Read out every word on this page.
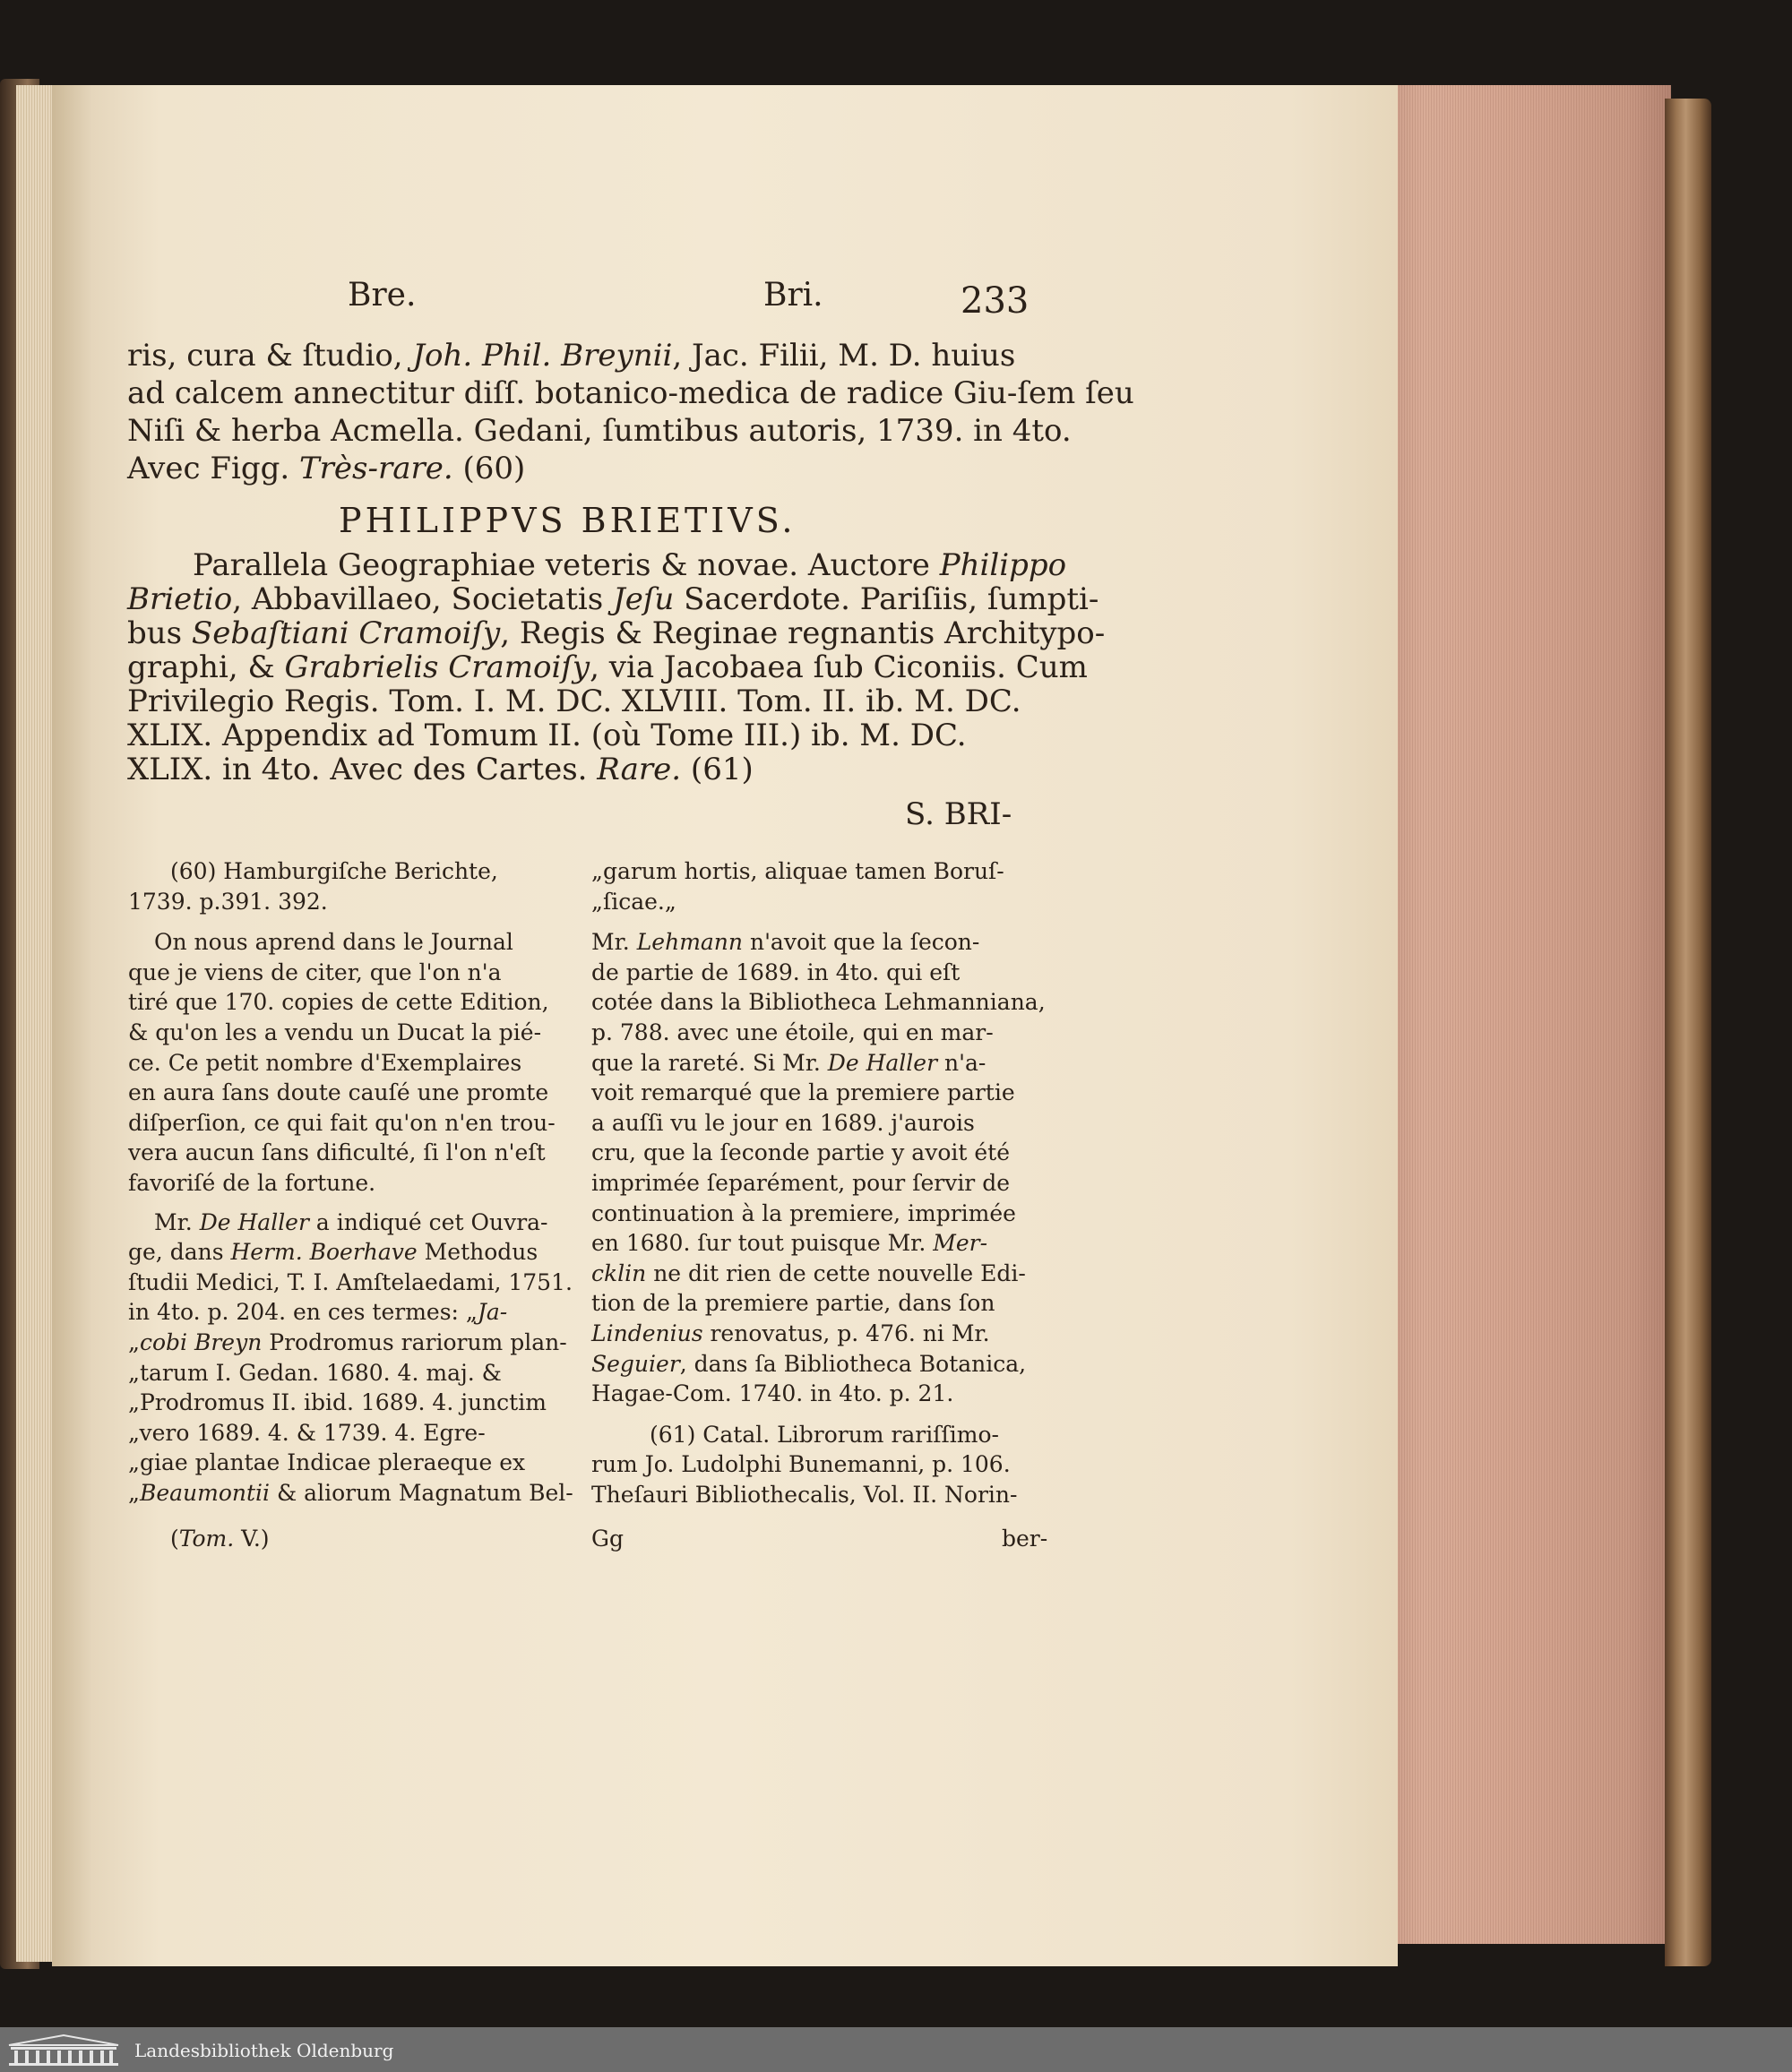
Bre.	Bri.	233
ris, cura & ſtudio, Joh. Phil. Breynii, Jac. Filii, M. D. huius
ad calcem annectitur diſſ. botanico-medica de radice Giu-ſem ſeu
Niſi & herba Acmella. Gedani, ſumtibus autoris, 1739. in 4to.
Avec Figg. Très-rare. (60)
PHILIPPVS BRIETIVS.
Parallela Geographiae veteris & novae. Auctore Philippo
Brietio, Abbavillaeo, Societatis Jeſu Sacerdote. Pariſiis, ſumpti-
bus Sebaſtiani Cramoiſy, Regis & Reginae regnantis Architypo-
graphi, & Grabrielis Cramoiſy, via Jacobaea ſub Ciconiis. Cum
Privilegio Regis. Tom. I. M. DC. XLVIII. Tom. II. ib. M. DC.
XLIX. Appendix ad Tomum II. (où Tome III.) ib. M. DC.
XLIX. in 4to. Avec des Cartes. Rare. (61)
S. BRI-
(60) Hamburgiſche Berichte,
1739. p.391. 392.
On nous aprend dans le Journal
que je viens de citer, que l'on n'a
tiré que 170. copies de cette Edition,
& qu'on les a vendu un Ducat la pié-
ce. Ce petit nombre d'Exemplaires
en aura ſans doute cauſé une promte
diſperſion, ce qui fait qu'on n'en trou-
vera aucun ſans dificulté, ſi l'on n'eſt
favoriſé de la fortune.
Mr. De Haller a indiqué cet Ouvra-
ge, dans Herm. Boerhave Methodus
ſtudii Medici, T. I. Amſtelaedami, 1751.
in 4to. p. 204. en ces termes: „Ja-
„cobi Breyn Prodromus rariorum plan-
„tarum I. Gedan. 1680. 4. maj. &
„Prodromus II. ibid. 1689. 4. junctim
„vero 1689. 4. & 1739. 4. Egre-
„giae plantae Indicae pleraeque ex
„Beaumontii & aliorum Magnatum Bel-
(Tom. V.)
„garum hortis, aliquae tamen Boruſ-
„ſicae.„
Mr. Lehmann n'avoit que la ſecon-
de partie de 1689. in 4to. qui eſt
cotée dans la Bibliotheca Lehmanniana,
p. 788. avec une étoile, qui en mar-
que la rareté. Si Mr. De Haller n'a-
voit remarqué que la premiere partie
a auſſi vu le jour en 1689. j'aurois
cru, que la ſeconde partie y avoit été
imprimée ſeparément, pour ſervir de
continuation à la premiere, imprimée
en 1680. ſur tout puisque Mr. Mer-
cklin ne dit rien de cette nouvelle Edi-
tion de la premiere partie, dans ſon
Lindenius renovatus, p. 476. ni Mr.
Seguier, dans ſa Bibliotheca Botanica,
Hagae-Com. 1740. in 4to. p. 21.
(61) Catal. Librorum rariſſimo-
rum Jo. Ludolphi Bunemanni, p. 106.
Theſauri Bibliothecalis, Vol. II. Norin-
Gg	ber-
Landesbibliothek Oldenburg
